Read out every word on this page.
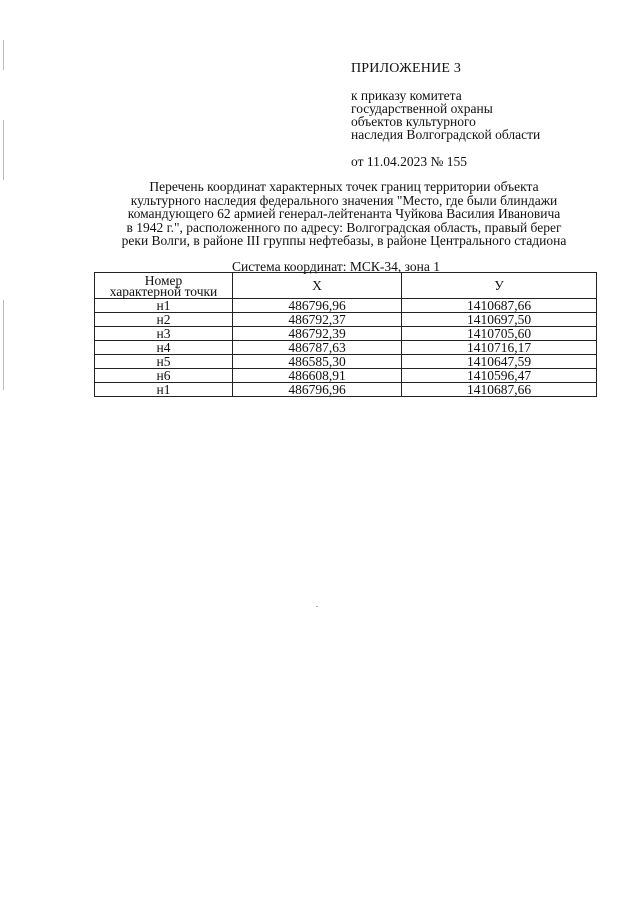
ПРИЛОЖЕНИЕ 3
к приказу комитета
государственной охраны
объектов культурного
наследия Волгоградской области
от 11.04.2023 № 155
Перечень координат характерных точек границ территории объекта
культурного наследия федерального значения "Место, где были блиндажи
командующего 62 армией генерал-лейтенанта Чуйкова Василия Ивановича
в 1942 г.", расположенного по адресу: Волгоградская область, правый берег
реки Волги, в районе III группы нефтебазы, в районе Центрального стадиона
Система координат: МСК-34, зона 1
Номер
характерной точки	X	У
н1	486796,96	1410687,66
н2	486792,37	1410697,50
н3	486792,39	1410705,60
н4	486787,63	1410716,17
н5	486585,30	1410647,59
н6	486608,91	1410596,47
н1	486796,96	1410687,66
